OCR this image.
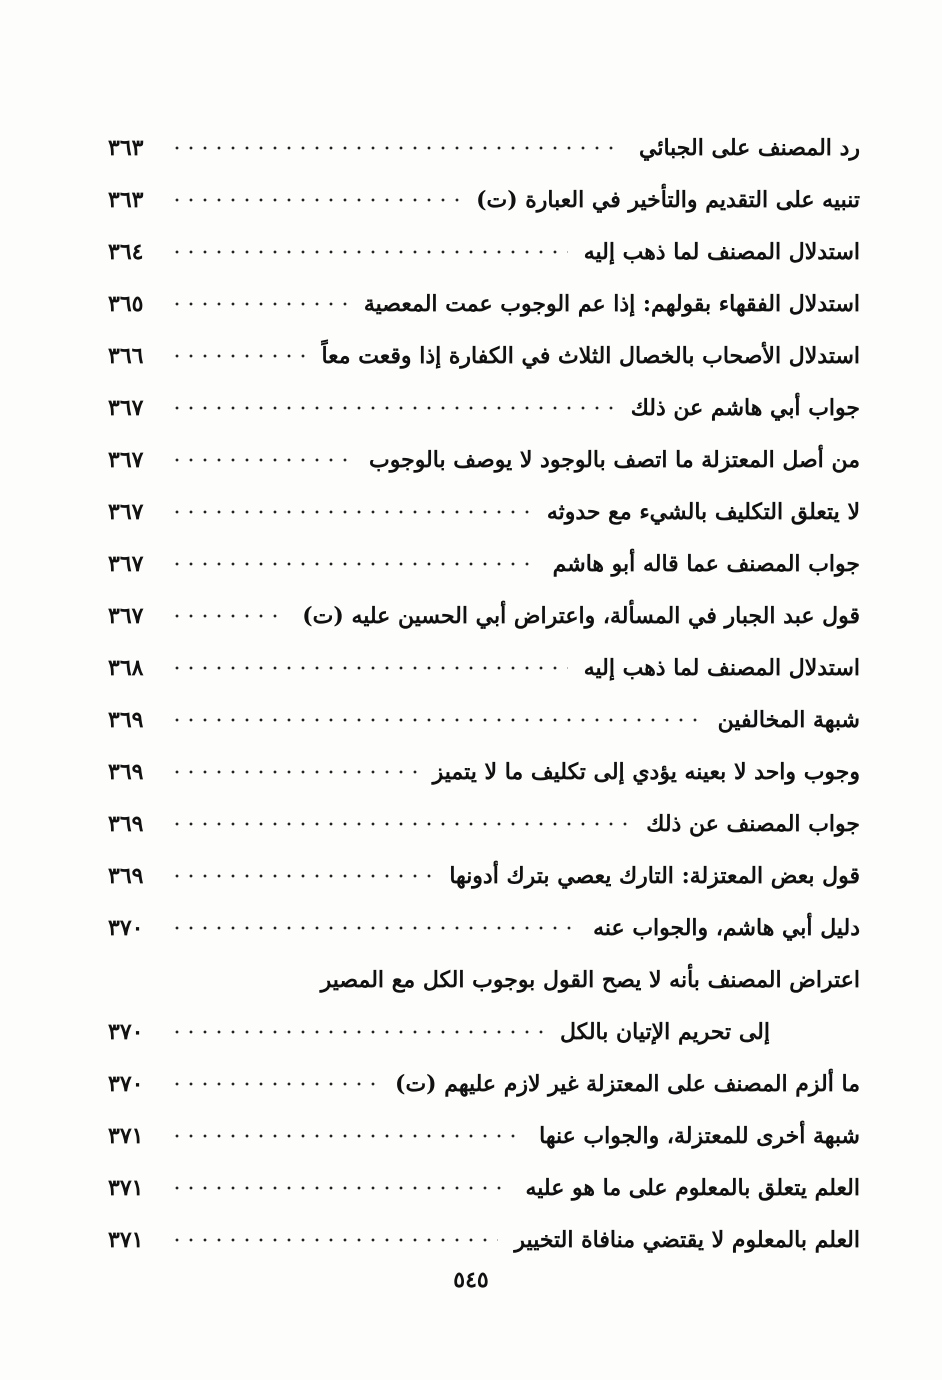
رد المصنف على الجبائي
٣٦٣
تنبيه على التقديم والتأخير في العبارة (ت)
٣٦٣
استدلال المصنف لما ذهب إليه
٣٦٤
استدلال الفقهاء بقولهم: إذا عم الوجوب عمت المعصية
٣٦٥
استدلال الأصحاب بالخصال الثلاث في الكفارة إذا وقعت معاً
٣٦٦
جواب أبي هاشم عن ذلك
٣٦٧
من أصل المعتزلة ما اتصف بالوجود لا يوصف بالوجوب
٣٦٧
لا يتعلق التكليف بالشيء مع حدوثه
٣٦٧
جواب المصنف عما قاله أبو هاشم
٣٦٧
قول عبد الجبار في المسألة، واعتراض أبي الحسين عليه (ت)
٣٦٧
استدلال المصنف لما ذهب إليه
٣٦٨
شبهة المخالفين
٣٦٩
وجوب واحد لا بعينه يؤدي إلى تكليف ما لا يتميز
٣٦٩
جواب المصنف عن ذلك
٣٦٩
قول بعض المعتزلة: التارك يعصي بترك أدونها
٣٦٩
دليل أبي هاشم، والجواب عنه
٣٧٠
اعتراض المصنف بأنه لا يصح القول بوجوب الكل مع المصير
إلى تحريم الإتيان بالكل
٣٧٠
ما ألزم المصنف على المعتزلة غير لازم عليهم (ت)
٣٧٠
شبهة أخرى للمعتزلة، والجواب عنها
٣٧١
العلم يتعلق بالمعلوم على ما هو عليه
٣٧١
العلم بالمعلوم لا يقتضي منافاة التخيير
٣٧١
٥٤٥
